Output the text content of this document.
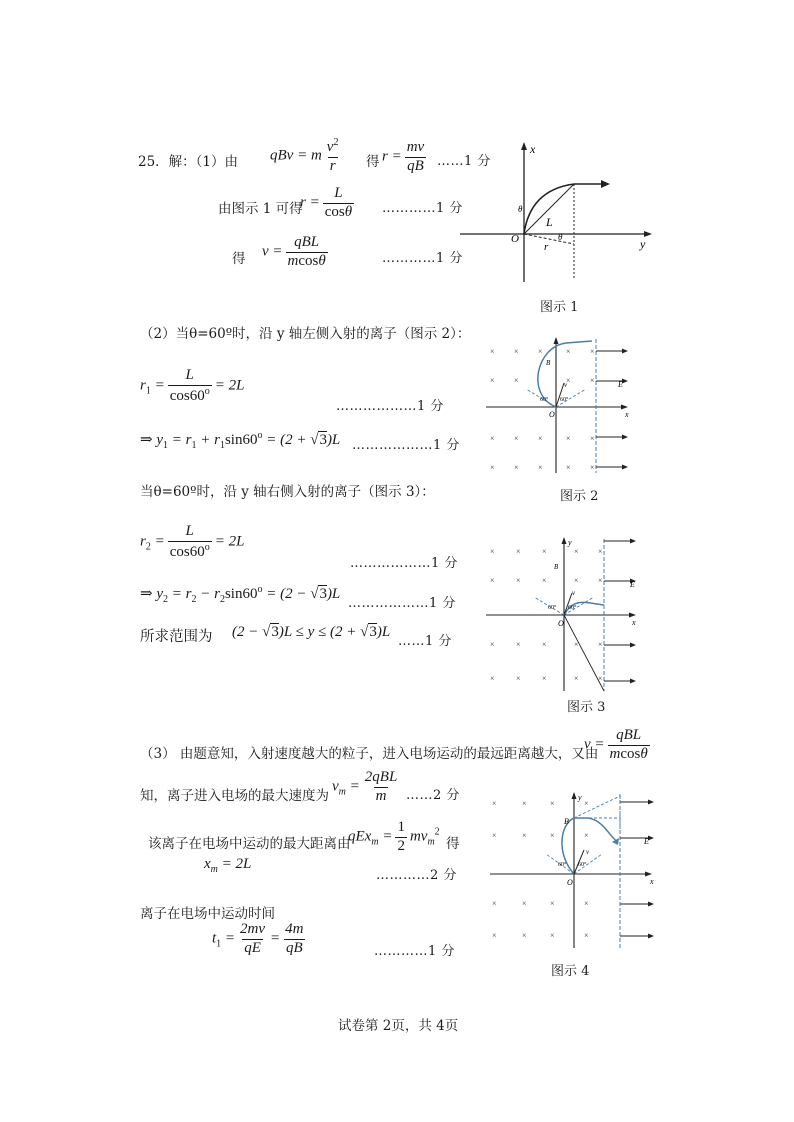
25．解：（1）由 qBv = m $\frac{v^2}{r}$ 得 $r = \frac{mv}{qB}$ ……1 分
由图示 1 可得
$r = \frac{L}{\cos\theta}$ …………1 分
得 $v = \frac{\text{qBL}}{mcos\theta}$	…………1 分
x
y
O
L
r
θ
θ
图示 1
（2）当θ=60º时，沿 y 轴左侧入射的离子（图示 2）：
$r_1 = \frac{L}{\cos 60^o} = 2L$
………………1 分
⇒ $y_1 = r_1 + r_1\sin 60^o = (2$ + √ 3)L ………………1 分
× × ×	× ×
× ×	× ×
× × ×	× ×
× × ×	× ×
x
O
E
B
v
60° 60°
图示 2
当θ=60º时，沿 y 轴右侧入射的离子（图示 3）：
$r_2 = \frac{L}{\cos 60^o} = 2L$
………………1 分
⇒ $y_2 = r_2 - r_2\sin 60^o = (2$ − √ 3)L
………………1 分
所求范围为 (2 − √ 3)L ≤ y ≤ (2 + √ 3)L
……1 分
×	×	×	× ×
×	×	×	× ×
×	×	×	× ×
×	×	×	× ×
y
x
O
E
B
v
60° 60°
图示 3
（3） 由题意知，入射速度越大的粒子，进入电场运动的最远距离越大，又由
$v = \frac{\text{qBL}}{mcos\theta}$
知，离子进入电场的最大速度为
$v_m = \frac{\text{2qBL}}{m}$ ……2 分
该离子在电场中运动的最大距离由
$qEx_m = \frac{1}{2} mv_m^2$
得
$x_m = 2L$
…………2 分
×	×	×	×
×	×	×	×
×	×	×	×
×	×	×	×
y
x
O
E
B
v
60° 60°
图示 4
离子在电场中运动时间
$t_1 = \frac{2mv}{qE} = \frac{4m}{qB}$	…………1 分
试卷第 2页，共 4页
